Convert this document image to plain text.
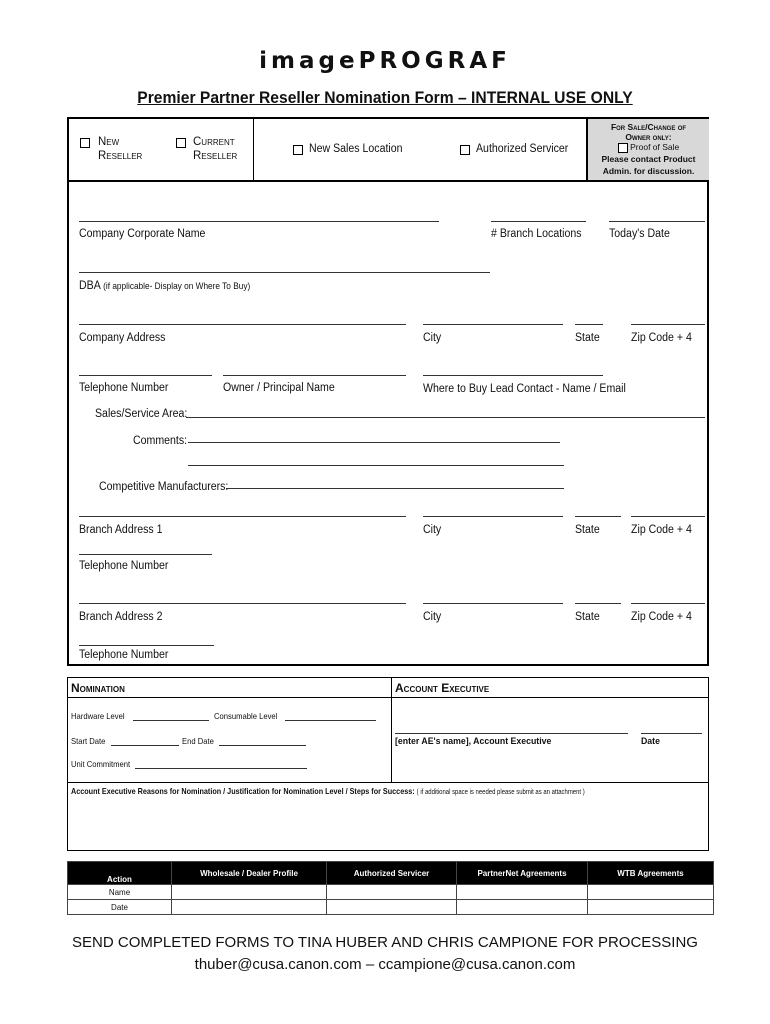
imagePROGRAF
Premier Partner Reseller Nomination Form – INTERNAL USE ONLY
New
Reseller
Current
Reseller
New Sales Location	Authorized Servicer
For Sale/Change of
Owner only:
Proof of Sale
Please contact Product
Admin. for discussion.
Company Corporate Name	# Branch Locations Today's Date
DBA (if applicable- Display on Where To Buy)
Company Address	City	State	Zip Code + 4
Telephone Number	Owner / Principal Name	Where to Buy Lead Contact - Name / Email
Sales/Service Area:
Comments:
Competitive Manufacturers:
Branch Address 1	City	State	Zip Code + 4
Telephone Number
Branch Address 2	City	State	Zip Code + 4
Telephone Number
Nomination	Account Executive
Hardware Level	Consumable Level
Start Date	End Date
Unit Commitment
[enter AE's name], Account Executive	Date
Account Executive Reasons for Nomination / Justification for Nomination Level / Steps for Success: ( if additional space is needed please submit as an attachment )
Action	Wholesale / Dealer Profile	Authorized Servicer	PartnerNet Agreements	WTB Agreements
Name				
Date				
SEND COMPLETED FORMS TO TINA HUBER AND CHRIS CAMPIONE FOR PROCESSING
thuber@cusa.canon.com – ccampione@cusa.canon.com
